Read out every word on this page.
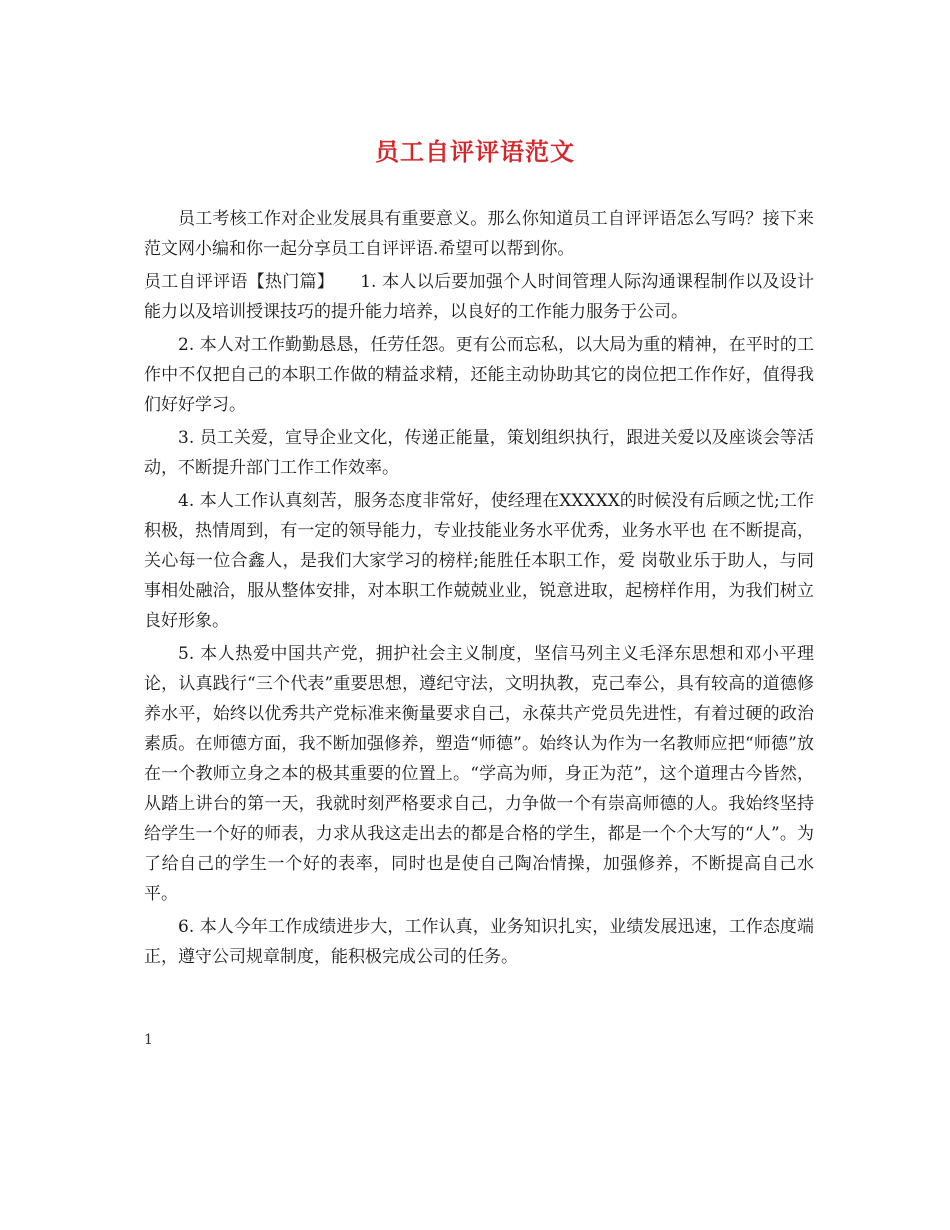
员工自评评语范文

员工考核工作对企业发展具有重要意义。那么你知道员工自评评语怎么写吗？接下来范文网小编和你一起分享员工自评评语.希望可以帮到你。

员工自评评语【热门篇】　　1. 本人以后要加强个人时间管理人际沟通课程制作以及设计能力以及培训授课技巧的提升能力培养，以良好的工作能力服务于公司。

2. 本人对工作勤勤恳恳，任劳任怨。更有公而忘私，以大局为重的精神，在平时的工作中不仅把自己的本职工作做的精益求精，还能主动协助其它的岗位把工作作好，值得我们好好学习。

3. 员工关爱，宣导企业文化，传递正能量，策划组织执行，跟进关爱以及座谈会等活动，不断提升部门工作工作效率。

4. 本人工作认真刻苦，服务态度非常好，使经理在XXXXX的时候没有后顾之忧;工作积极，热情周到，有一定的领导能力，专业技能业务水平优秀，业务水平也 在不断提高，关心每一位合鑫人，是我们大家学习的榜样;能胜任本职工作，爱 岗敬业乐于助人，与同事相处融洽，服从整体安排，对本职工作兢兢业业，锐意进取，起榜样作用，为我们树立良好形象。

5. 本人热爱中国共产党，拥护社会主义制度，坚信马列主义毛泽东思想和邓小平理论，认真践行“三个代表”重要思想，遵纪守法，文明执教，克己奉公，具有较高的道德修养水平，始终以优秀共产党标准来衡量要求自己，永葆共产党员先进性，有着过硬的政治素质。在师德方面，我不断加强修养，塑造“师德”。始终认为作为一名教师应把“师德”放在一个教师立身之本的极其重要的位置上。“学高为师，身正为范”，这个道理古今皆然，从踏上讲台的第一天，我就时刻严格要求自己，力争做一个有崇高师德的人。我始终坚持给学生一个好的师表，力求从我这走出去的都是合格的学生，都是一个个大写的“人”。为了给自己的学生一个好的表率，同时也是使自己陶冶情操，加强修养，不断提高自己水平。

6. 本人今年工作成绩进步大，工作认真，业务知识扎实，业绩发展迅速，工作态度端正，遵守公司规章制度，能积极完成公司的任务。

1
